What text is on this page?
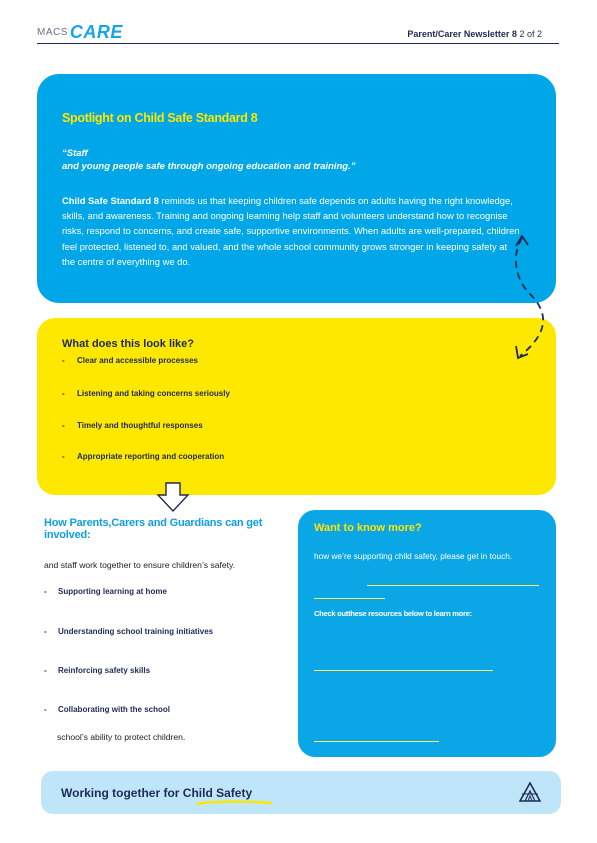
MACS CARE	Parent/Carer Newsletter 8 2 of 2
Spotlight on Child Safe Standard 8
“Staff
and young people safe through ongoing education and training.”
Child Safe Standard 8 reminds us that keeping children safe depends on adults having the right knowledge, skills, and awareness. Training and ongoing learning help staff and volunteers understand how to recognise risks, respond to concerns, and create safe, supportive environments. When adults are well-prepared, children feel protected, listened to, and valued, and the whole school community grows stronger in keeping safety at the centre of everything we do.
What does this look like?
-	Clear and accessible processes
-	Listening and taking concerns seriously
-	Timely and thoughtful responses
-	Appropriate reporting and cooperation
How Parents,Carers and Guardians can get involved:
and staff work together to ensure children’s safety.
- Supporting learning at home
- Understanding school training initiatives
- Reinforcing safety skills
- Collaborating with the school
school’s ability to protect children.
Want to know more?
how we’re supporting child safety, please get in touch.
Check outthese resources below to learn more:
Working together for Child Safety
